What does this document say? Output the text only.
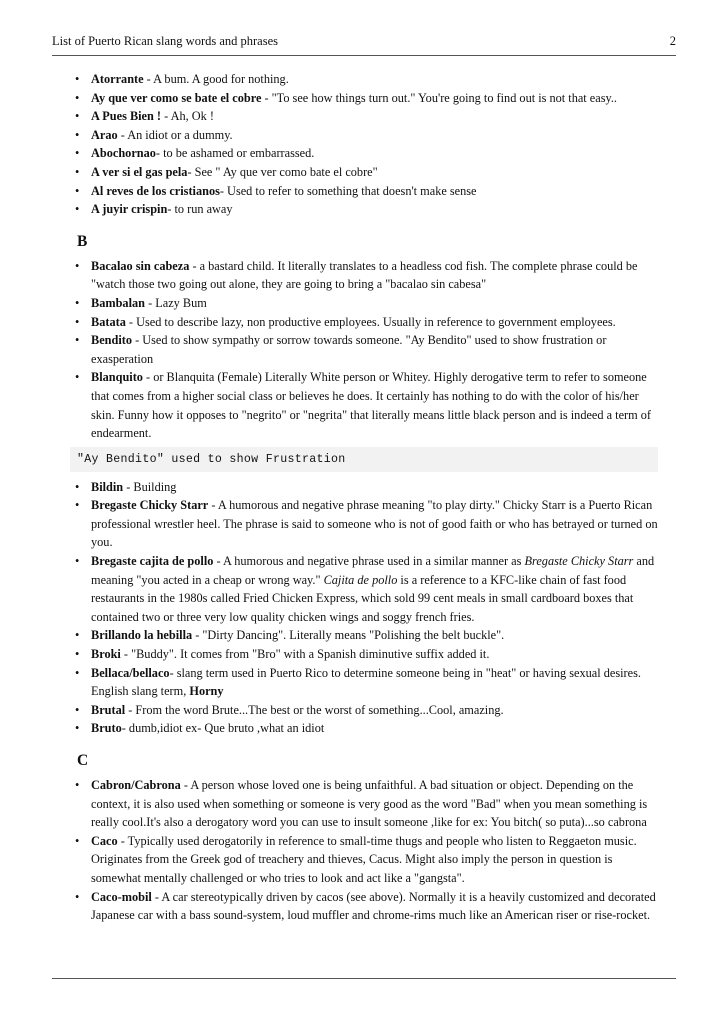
List of Puerto Rican slang words and phrases	2
• Atorrante - A bum. A good for nothing.
• Ay que ver como se bate el cobre - "To see how things turn out." You're going to find out is not that easy..
• A Pues Bien ! - Ah, Ok !
• Arao - An idiot or a dummy.
• Abochornao- to be ashamed or embarrassed.
• A ver si el gas pela- See " Ay que ver como bate el cobre"
• Al reves de los cristianos- Used to refer to something that doesn't make sense
• A juyir crispin- to run away
B
• Bacalao sin cabeza - a bastard child. It literally translates to a headless cod fish. The complete phrase could be "watch those two going out alone, they are going to bring a "bacalao sin cabesa"
• Bambalan - Lazy Bum
• Batata - Used to describe lazy, non productive employees. Usually in reference to government employees.
• Bendito - Used to show sympathy or sorrow towards someone. "Ay Bendito" used to show frustration or exasperation
• Blanquito - or Blanquita (Female) Literally White person or Whitey. Highly derogative term to refer to someone that comes from a higher social class or believes he does. It certainly has nothing to do with the color of his/her skin. Funny how it opposes to "negrito" or "negrita" that literally means little black person and is indeed a term of endearment.
"Ay Bendito" used to show Frustration
• Bildin - Building
• Bregaste Chicky Starr - A humorous and negative phrase meaning "to play dirty." Chicky Starr is a Puerto Rican professional wrestler heel. The phrase is said to someone who is not of good faith or who has betrayed or turned on you.
• Bregaste cajita de pollo - A humorous and negative phrase used in a similar manner as Bregaste Chicky Starr and meaning "you acted in a cheap or wrong way." Cajita de pollo is a reference to a KFC-like chain of fast food restaurants in the 1980s called Fried Chicken Express, which sold 99 cent meals in small cardboard boxes that contained two or three very low quality chicken wings and soggy french fries.
• Brillando la hebilla - "Dirty Dancing". Literally means "Polishing the belt buckle".
• Broki - "Buddy". It comes from "Bro" with a Spanish diminutive suffix added it.
• Bellaca/bellaco- slang term used in Puerto Rico to determine someone being in "heat" or having sexual desires. English slang term, Horny
• Brutal - From the word Brute...The best or the worst of something...Cool, amazing.
• Bruto- dumb,idiot ex- Que bruto ,what an idiot
C
• Cabron/Cabrona - A person whose loved one is being unfaithful. A bad situation or object. Depending on the context, it is also used when something or someone is very good as the word "Bad" when you mean something is really cool.It's also a derogatory word you can use to insult someone ,like for ex: You bitch( so puta)...so cabrona
• Caco - Typically used derogatorily in reference to small-time thugs and people who listen to Reggaeton music. Originates from the Greek god of treachery and thieves, Cacus. Might also imply the person in question is somewhat mentally challenged or who tries to look and act like a "gangsta".
• Caco-mobil - A car stereotypically driven by cacos (see above). Normally it is a heavily customized and decorated Japanese car with a bass sound-system, loud muffler and chrome-rims much like an American riser or rise-rocket.
